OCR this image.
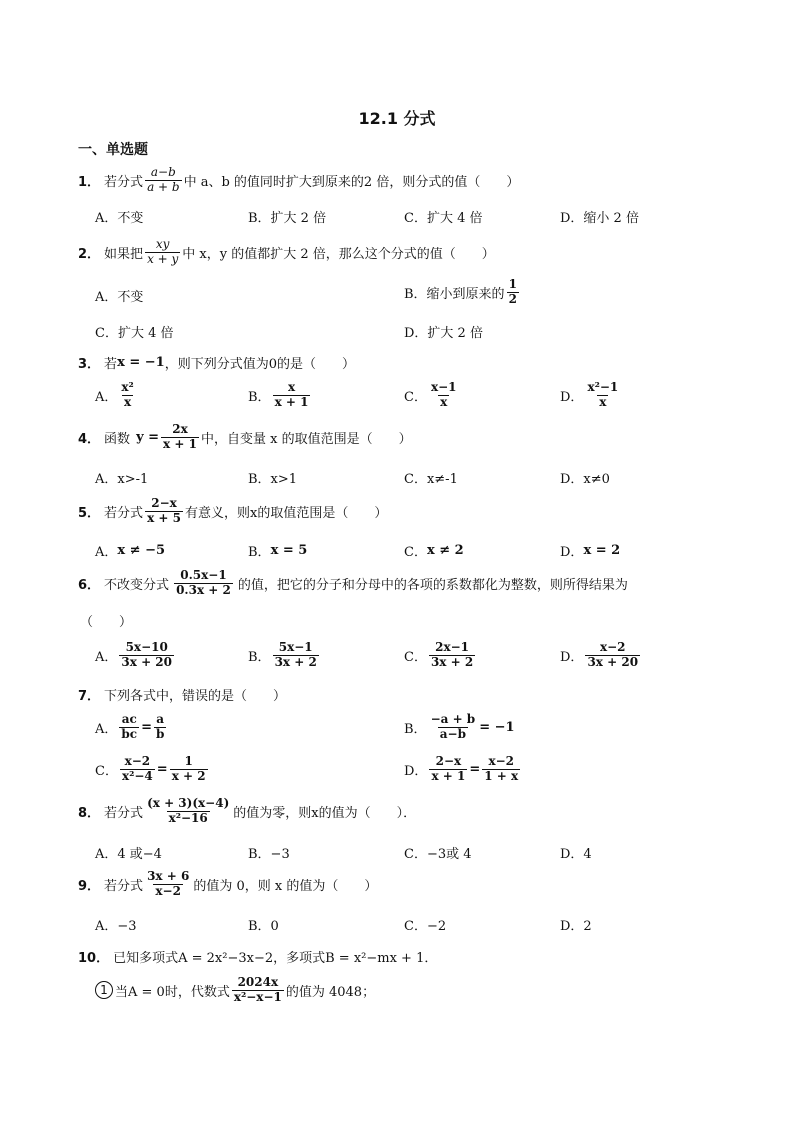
12.1 分式
一、单选题
1． 若分式 $\frac{a-b}{a + b}$ 中 a、b 的值同时扩大到原来的2 倍，则分式的值（　　）
A．不变	B．扩大 2 倍	C．扩大 4 倍	D．缩小 2 倍
2． 如果把 $\frac{xy}{x + y}$ 中 x，y 的值都扩大 2 倍，那么这个分式的值（　　）
A．不变	B．缩小到原来的 $\frac{1}{2}$
C．扩大 4 倍	D．扩大 2 倍
3． 若 x = −1 ，则下列分式值为0的是（　　）
A． $\frac{\text{x²}}{x}$	B． $\frac{x}{x + 1}$	C． $\frac{x-1}{x}$	D． $\frac{\text{x²−1}}{x}$
4． 函数 $y = \frac{2x}{x + 1}$ 中，自变量 x 的取值范围是（　　）
A．x>-1	B．x>1	C．x≠-1	D．x≠0
5． 若分式 $\frac{2-x}{x + 5}$ 有意义，则x的取值范围是（　　）
A． x ≠ −5	B． x = 5	C． x ≠ 2	D． x = 2
6． 不改变分式 $\frac{0.5x-1}{0.3x + 2}$ 的值，把它的分子和分母中的各项的系数都化为整数，则所得结果为
（　　）
A． $\frac{5x-10}{3x + 20}$	B． $\frac{5x-1}{3x + 2}$	C． $\frac{2x-1}{3x + 2}$	D． $\frac{x-2}{3x + 20}$
7． 下列各式中，错误的是（　　）
A． $\frac{ac}{bc} = \frac{a}{b}$	B． $\frac{-a + b}{a-b} = -1$
C． $\frac{x-2}{\text{x²−4}} = \frac{1}{x + 2}$	D． $\frac{2-x}{x + 1} = \frac{x-2}{1 + x}$
8． 若分式 $\frac{(x + 3)(x-4)}{\text{x²−16}}$ 的值为零，则x的值为（　　）．
A．4 或−4	B．−3	C．−3或 4	D．4
9． 若分式 $\frac{3x + 6}{x-2}$ 的值为 0，则 x 的值为（　　）
A．−3	B．0	C．−2	D．2
10． 已知多项式A = 2x²−3x−2，多项式B = x²−mx + 1．
1 当A = 0时，代数式 $\frac{2024x}{\text{x²−x−1}}$ 的值为 4048；
